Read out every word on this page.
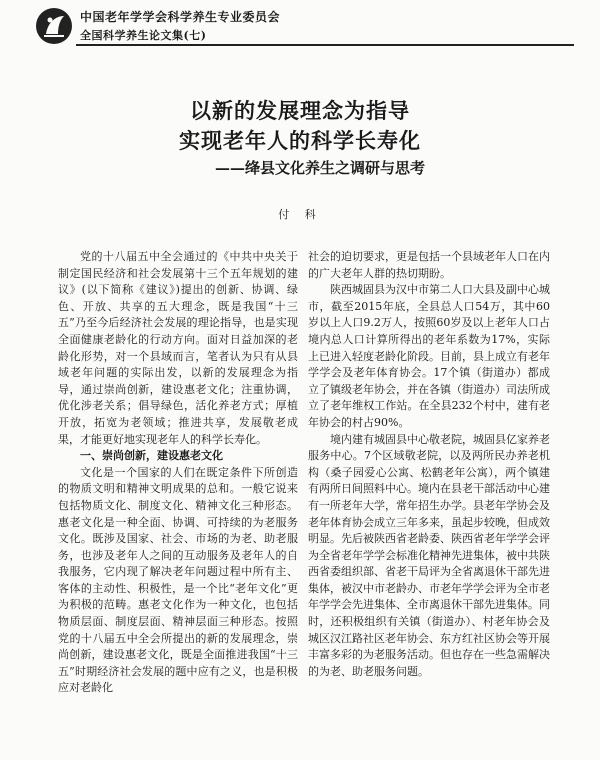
中国老年学学会科学养生专业委员会
全国科学养生论文集(七)
以新的发展理念为指导
实现老年人的科学长寿化
——绛县文化养生之调研与思考
付 科

党的十八届五中全会通过的《中共中央关于制定国民经济和社会发展第十三个五年规划的建议》(以下简称《建议》)提出的创新、协调、绿色、开放、共享的五大理念，既是我国“十三五”乃至今后经济社会发展的理论指导，也是实现全面健康老龄化的行动方向。面对日益加深的老龄化形势，对一个县域而言，笔者认为只有从县域老年问题的实际出发，以新的发展理念为指导，通过崇尚创新，建设惠老文化；注重协调，优化涉老关系；倡导绿色，活化养老方式；厚植开放，拓宽为老领域；推进共享，发展敬老成果，才能更好地实现老年人的科学长寿化。

一、崇尚创新，建设惠老文化

文化是一个国家的人们在既定条件下所创造的物质文明和精神文明成果的总和。一般它说来包括物质文化、制度文化、精神文化三种形态。惠老文化是一种全面、协调、可持续的为老服务文化。既涉及国家、社会、市场的为老、助老服务，也涉及老年人之间的互动服务及老年人的自我服务，它内现了解决老年问题过程中所有主、客体的主动性、积极性，是一个比“老年文化”更为积极的范畴。惠老文化作为一种文化，也包括物质层面、制度层面、精神层面三种形态。按照党的十八届五中全会所提出的新的发展理念，崇尚创新，建设惠老文化，既是全面推进我国“十三五”时期经济社会发展的题中应有之义，也是积极应对老龄化

社会的迫切要求，更是包括一个县域老年人口在内的广大老年人群的热切期盼。

陕西城固县为汉中市第二人口大县及副中心城市，截至2015年底，全县总人口54万，其中60岁以上人口9.2万人，按照60岁及以上老年人口占境内总人口计算所得出的老年系数为17%，实际上已进入轻度老龄化阶段。目前，县上成立有老年学学会及老年体育协会。17个镇（街道办）都成立了镇级老年协会，并在各镇（街道办）司法所成立了老年维权工作站。在全县232个村中，建有老年协会的村占90%。

境内建有城固县中心敬老院，城固县亿家养老服务中心。7个区域敬老院，以及两所民办养老机构（桑子园爱心公寓、松鹤老年公寓），两个镇建有两所日间照料中心。境内在县老干部活动中心建有一所老年大学，常年招生办学。县老年学协会及老年体育协会成立三年多来，虽起步较晚，但成效明显。先后被陕西省老龄委、陕西省老年学学会评为全省老年学学会标准化精神先进集体，被中共陕西省委组织部、省老干局评为全省离退休干部先进集体，被汉中市老龄办、市老年学学会评为全市老年学学会先进集体、全市离退休干部先进集体。同时，还积极组织有关镇（街道办）、村老年协会及城区汉江路社区老年协会、东方红社区协会等开展丰富多彩的为老服务活动。但也存在一些急需解决的为老、助老服务问题。
